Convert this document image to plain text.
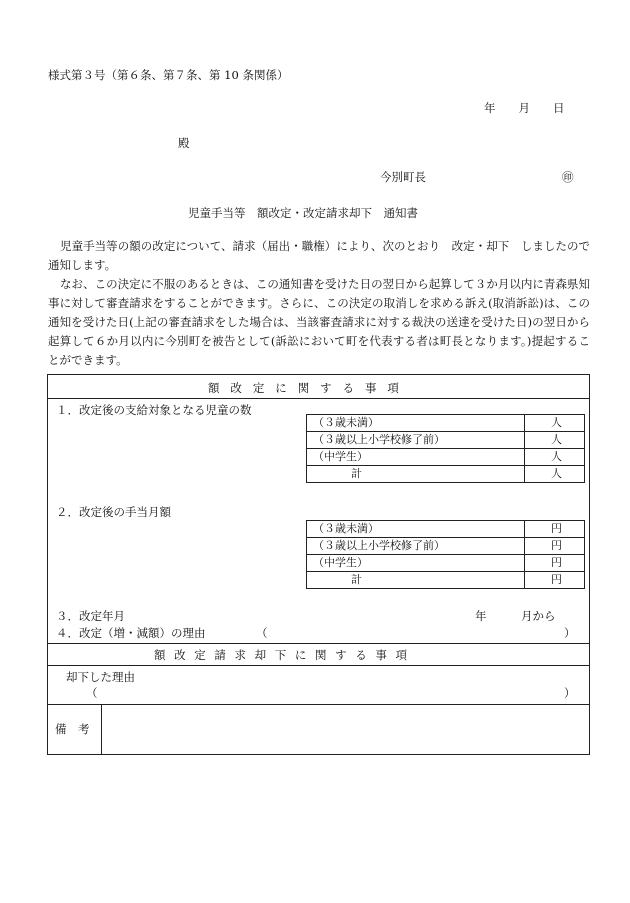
様式第３号（第６条、第７条、第 10 条関係）
年　　月　　日
殿
今別町長	㊞
児童手当等　額改定・改定請求却下　通知書
児童手当等の額の改定について、請求（届出・職権）により、次のとおり　改定・却下　しましたので通知します。
なお、この決定に不服のあるときは、この通知書を受けた日の翌日から起算して３か月以内に青森県知事に対して審査請求をすることができます。さらに、この決定の取消しを求める訴え(取消訴訟)は、この通知を受けた日(上記の審査請求をした場合は、当該審査請求に対する裁決の送達を受けた日)の翌日から起算して６か月以内に今別町を被告として(訴訟において町を代表する者は町長となります。)提起することができます。
額改定に関する事項
１．改定後の支給対象となる児童の数
（３歳未満）	人
（３歳以上小学校修了前）	人
（中学生）	人
計	人
２．改定後の手当月額
（３歳未満）	円
（３歳以上小学校修了前）	円
（中学生）	円
計	円
３．改定年月	年　　　月から
４．改定（増・減額）の理由	（	）
額改定請求却下に関する事項
却下した理由
（	）
備　考
